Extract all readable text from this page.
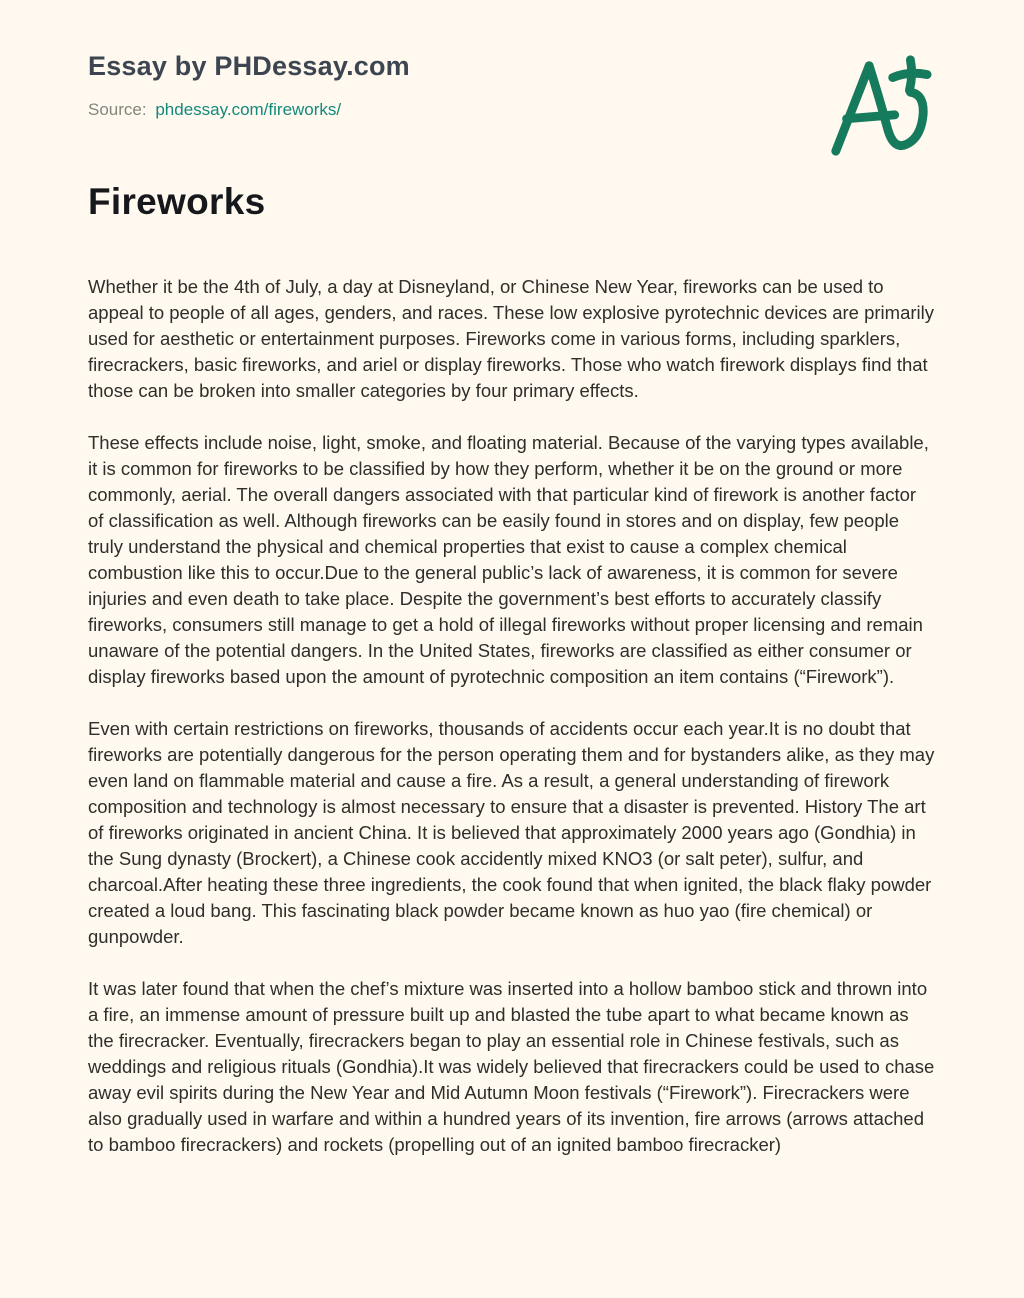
Essay by PHDessay.com
Source: phdessay.com/fireworks/
Fireworks

Whether it be the 4th of July, a day at Disneyland, or Chinese New Year, fireworks can be used to appeal to people of all ages, genders, and races. These low explosive pyrotechnic devices are primarily used for aesthetic or entertainment purposes. Fireworks come in various forms, including sparklers, firecrackers, basic fireworks, and ariel or display fireworks. Those who watch firework displays find that those can be broken into smaller categories by four primary effects.

These effects include noise, light, smoke, and floating material. Because of the varying types available, it is common for fireworks to be classified by how they perform, whether it be on the ground or more commonly, aerial. The overall dangers associated with that particular kind of firework is another factor of classification as well. Although fireworks can be easily found in stores and on display, few people truly understand the physical and chemical properties that exist to cause a complex chemical combustion like this to occur.Due to the general public’s lack of awareness, it is common for severe injuries and even death to take place. Despite the government’s best efforts to accurately classify fireworks, consumers still manage to get a hold of illegal fireworks without proper licensing and remain unaware of the potential dangers. In the United States, fireworks are classified as either consumer or display fireworks based upon the amount of pyrotechnic composition an item contains (“Firework”).

Even with certain restrictions on fireworks, thousands of accidents occur each year.It is no doubt that fireworks are potentially dangerous for the person operating them and for bystanders alike, as they may even land on flammable material and cause a fire. As a result, a general understanding of firework composition and technology is almost necessary to ensure that a disaster is prevented. History The art of fireworks originated in ancient China. It is believed that approximately 2000 years ago (Gondhia) in the Sung dynasty (Brockert), a Chinese cook accidently mixed KNO3 (or salt peter), sulfur, and charcoal.After heating these three ingredients, the cook found that when ignited, the black flaky powder created a loud bang. This fascinating black powder became known as huo yao (fire chemical) or gunpowder.

It was later found that when the chef’s mixture was inserted into a hollow bamboo stick and thrown into a fire, an immense amount of pressure built up and blasted the tube apart to what became known as the firecracker. Eventually, firecrackers began to play an essential role in Chinese festivals, such as weddings and religious rituals (Gondhia).It was widely believed that firecrackers could be used to chase away evil spirits during the New Year and Mid Autumn Moon festivals (“Firework”). Firecrackers were also gradually used in warfare and within a hundred years of its invention, fire arrows (arrows attached to bamboo firecrackers) and rockets (propelling out of an ignited bamboo firecracker)
